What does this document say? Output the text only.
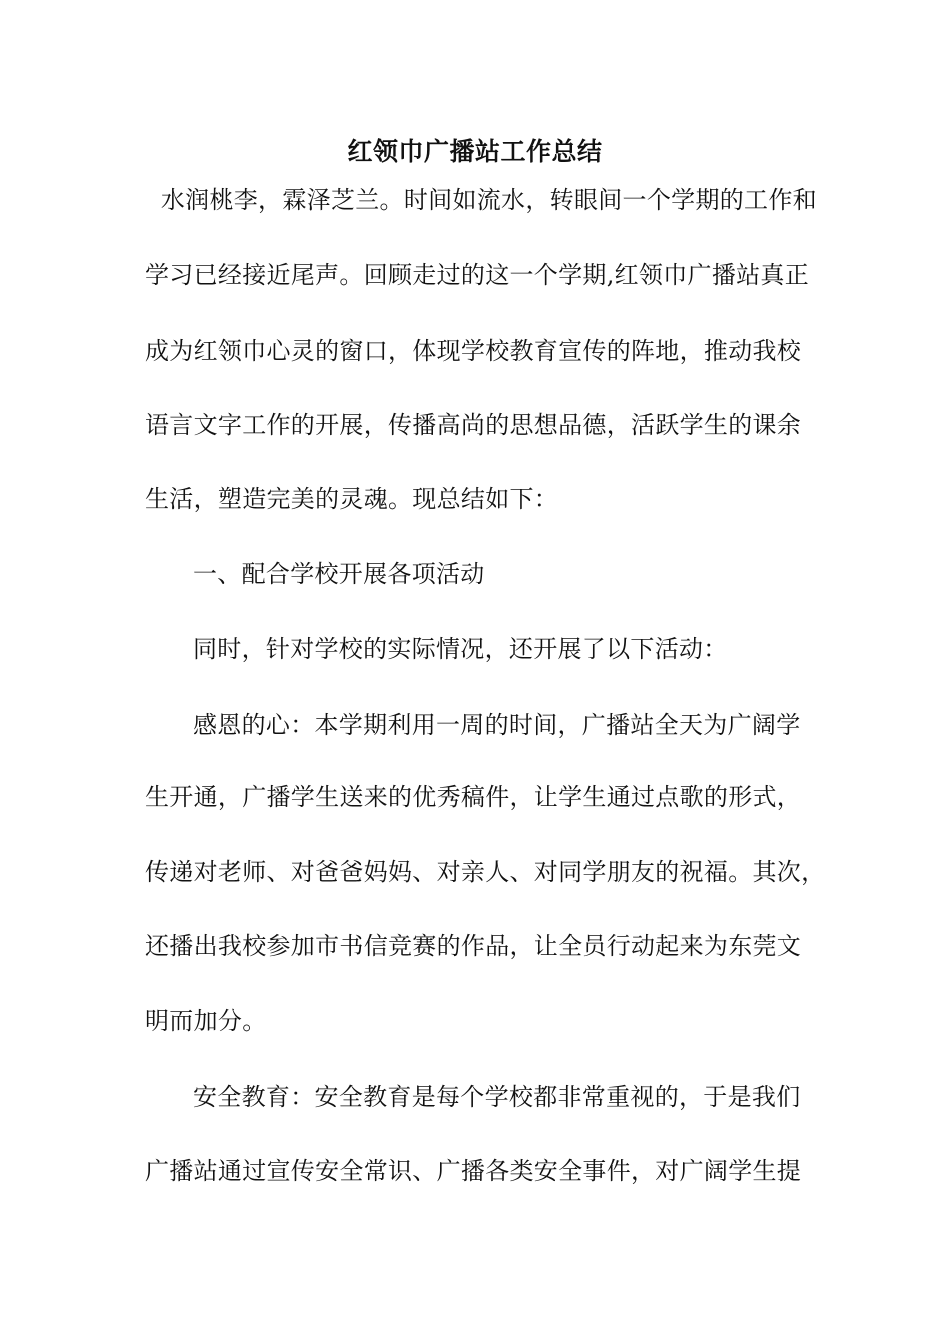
红领巾广播站工作总结
水润桃李，霖泽芝兰。时间如流水，转眼间一个学期的工作和
学习已经接近尾声。回顾走过的这一个学期,红领巾广播站真正
成为红领巾心灵的窗口，体现学校教育宣传的阵地，推动我校
语言文字工作的开展，传播高尚的思想品德，活跃学生的课余
生活，塑造完美的灵魂。现总结如下：
一、配合学校开展各项活动
同时，针对学校的实际情况，还开展了以下活动：
感恩的心：本学期利用一周的时间，广播站全天为广阔学
生开通，广播学生送来的优秀稿件，让学生通过点歌的形式，
传递对老师、对爸爸妈妈、对亲人、对同学朋友的祝福。其次，
还播出我校参加市书信竞赛的作品，让全员行动起来为东莞文
明而加分。
安全教育：安全教育是每个学校都非常重视的，于是我们
广播站通过宣传安全常识、广播各类安全事件，对广阔学生提
